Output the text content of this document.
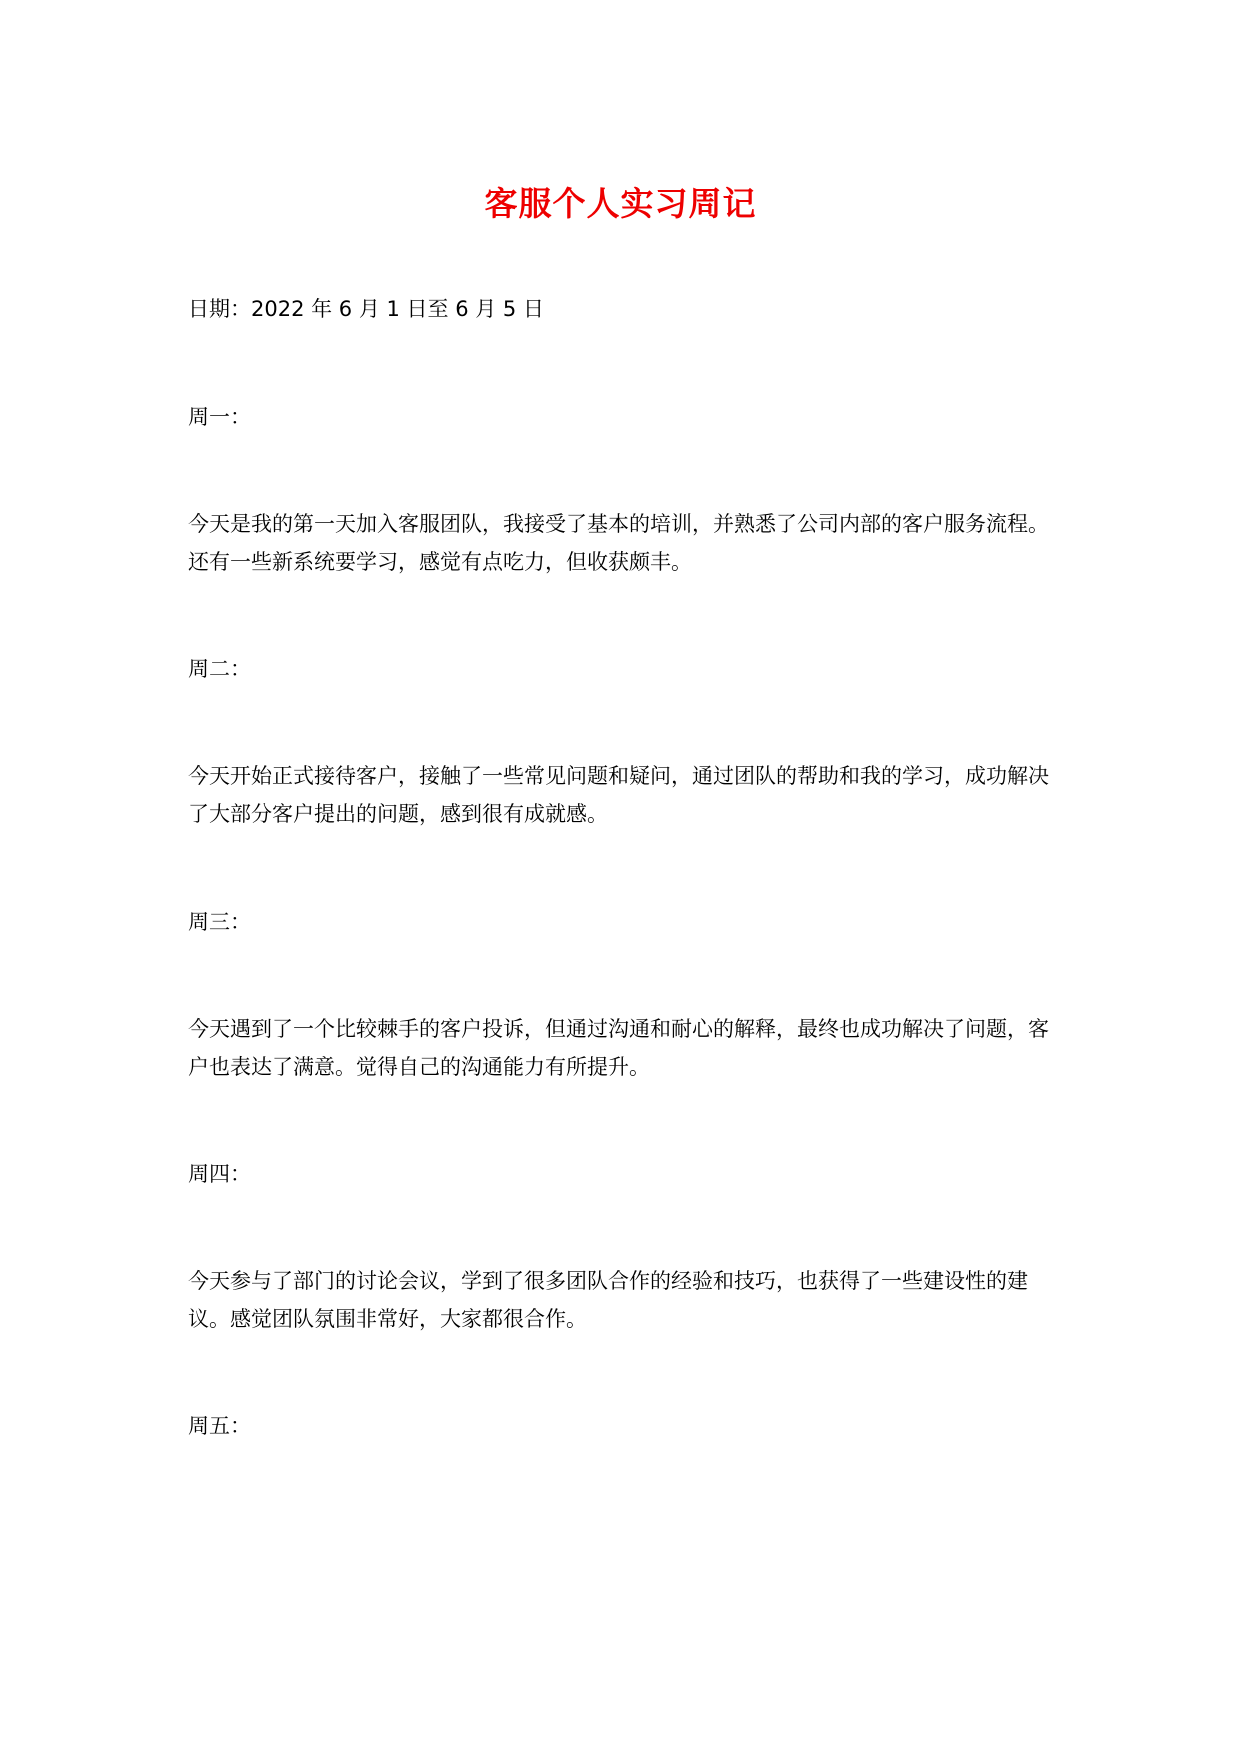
客服个人实习周记

日期：2022 年 6 月 1 日至 6 月 5 日

周一：

今天是我的第一天加入客服团队，我接受了基本的培训，并熟悉了公司内部的客户服务流程。还有一些新系统要学习，感觉有点吃力，但收获颇丰。

周二：

今天开始正式接待客户，接触了一些常见问题和疑问，通过团队的帮助和我的学习，成功解决了大部分客户提出的问题，感到很有成就感。

周三：

今天遇到了一个比较棘手的客户投诉，但通过沟通和耐心的解释，最终也成功解决了问题，客户也表达了满意。觉得自己的沟通能力有所提升。

周四：

今天参与了部门的讨论会议，学到了很多团队合作的经验和技巧，也获得了一些建设性的建议。感觉团队氛围非常好，大家都很合作。

周五：
